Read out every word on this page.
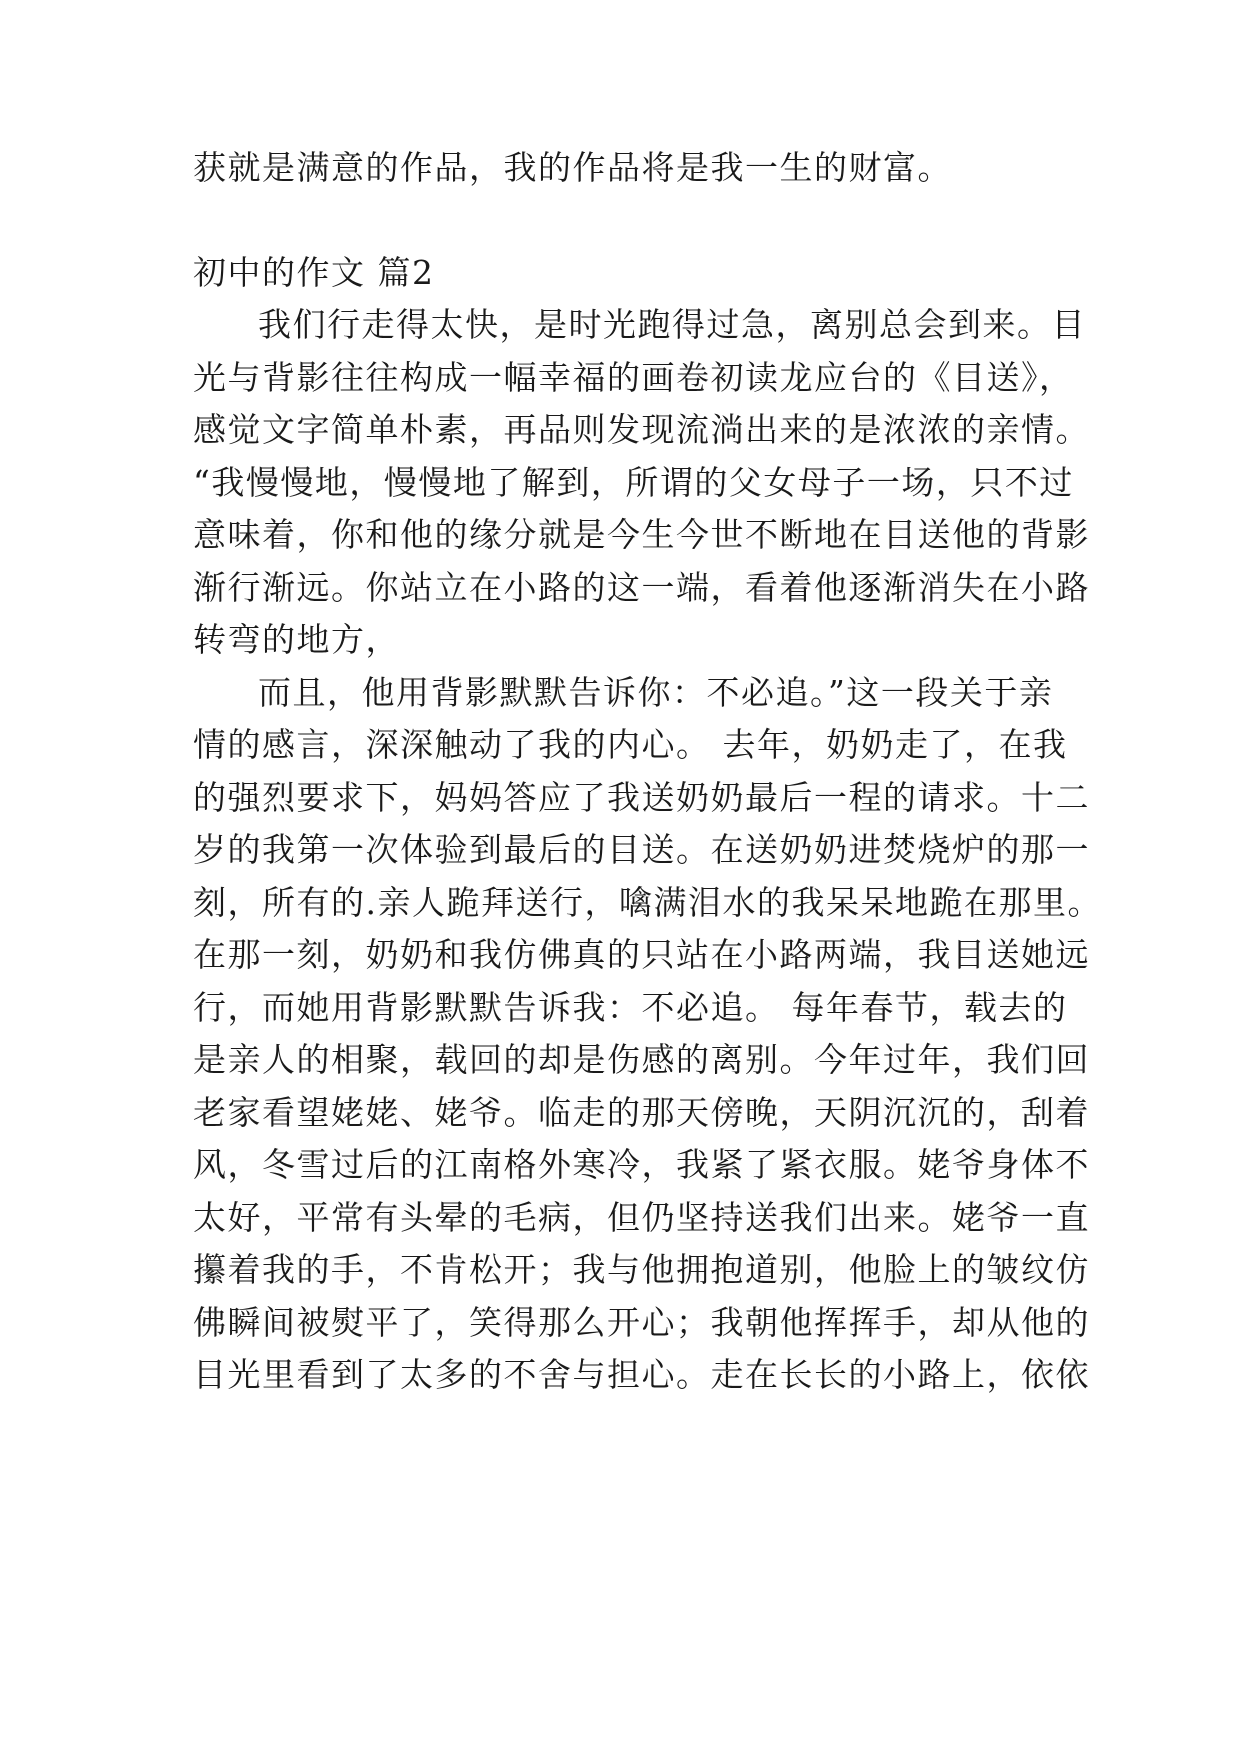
获就是满意的作品，我的作品将是我一生的财富。
初中的作文 篇2
我们行走得太快，是时光跑得过急，离别总会到来。目
光与背影往往构成一幅幸福的画卷初读龙应台的《目送》，
感觉文字简单朴素，再品则发现流淌出来的是浓浓的亲情。
“我慢慢地，慢慢地了解到，所谓的父女母子一场，只不过
意味着，你和他的缘分就是今生今世不断地在目送他的背影
渐行渐远。你站立在小路的这一端，看着他逐渐消失在小路
转弯的地方，
而且，他用背影默默告诉你：不必追。”这一段关于亲
情的感言，深深触动了我的内心。 去年，奶奶走了，在我
的强烈要求下，妈妈答应了我送奶奶最后一程的请求。十二
岁的我第一次体验到最后的目送。在送奶奶进焚烧炉的那一
刻，所有的.亲人跪拜送行，噙满泪水的我呆呆地跪在那里。
在那一刻，奶奶和我仿佛真的只站在小路两端，我目送她远
行，而她用背影默默告诉我：不必追。 每年春节，载去的
是亲人的相聚，载回的却是伤感的离别。今年过年，我们回
老家看望姥姥、姥爷。临走的那天傍晚，天阴沉沉的，刮着
风，冬雪过后的江南格外寒冷，我紧了紧衣服。姥爷身体不
太好，平常有头晕的毛病，但仍坚持送我们出来。姥爷一直
攥着我的手，不肯松开；我与他拥抱道别，他脸上的皱纹仿
佛瞬间被熨平了，笑得那么开心；我朝他挥挥手，却从他的
目光里看到了太多的不舍与担心。走在长长的小路上，依依
